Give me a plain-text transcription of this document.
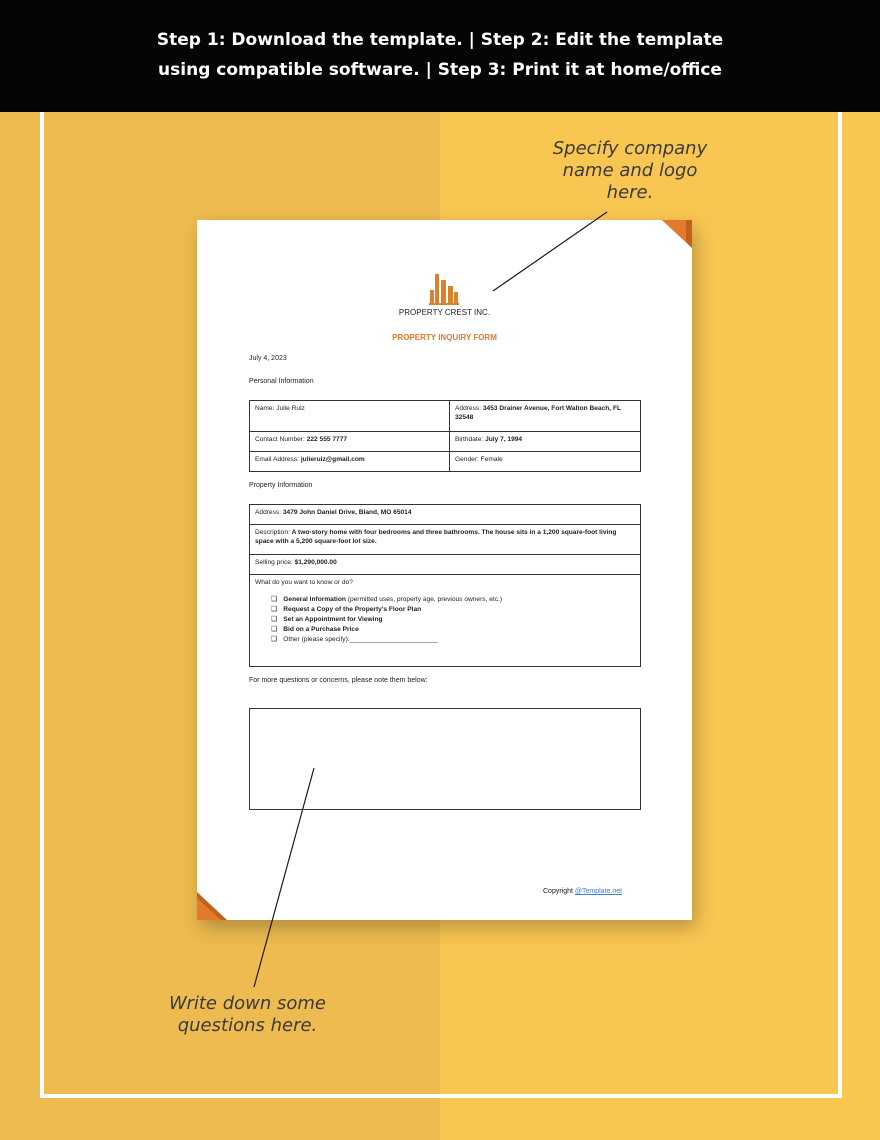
Step 1: Download the template. | Step 2: Edit the template
using compatible software. | Step 3: Print it at home/office
Specify company name and logo here.
Write down some questions here.
PROPERTY CREST INC.
PROPERTY INQUIRY FORM
July 4, 2023
Personal Information
Name: Julie Ruiz	Address: 3453 Drainer Avenue, Fort Walton Beach, FL 32548
Contact Number: 222 555 7777	Birthdate: July 7, 1994
Email Address: julieruiz@gmail.com	Gender: Female
Property Information
Address: 3479 John Daniel Drive, Bland, MO 65014
Description: A two-story home with four bedrooms and three bathrooms. The house sits in a 1,200 square-foot living space with a 5,200 square-foot lot size.
Selling price: $1,290,000.00

What do you want to know or do?
❑ General Information (permitted uses, property age, previous owners, etc.)
❑ Request a Copy of the Property's Floor Plan
❑ Set an Appointment for Viewing
❑ Bid on a Purchase Price
❑ Other (please specify):________________________
For more questions or concerns, please note them below:
Copyright @Template.net
